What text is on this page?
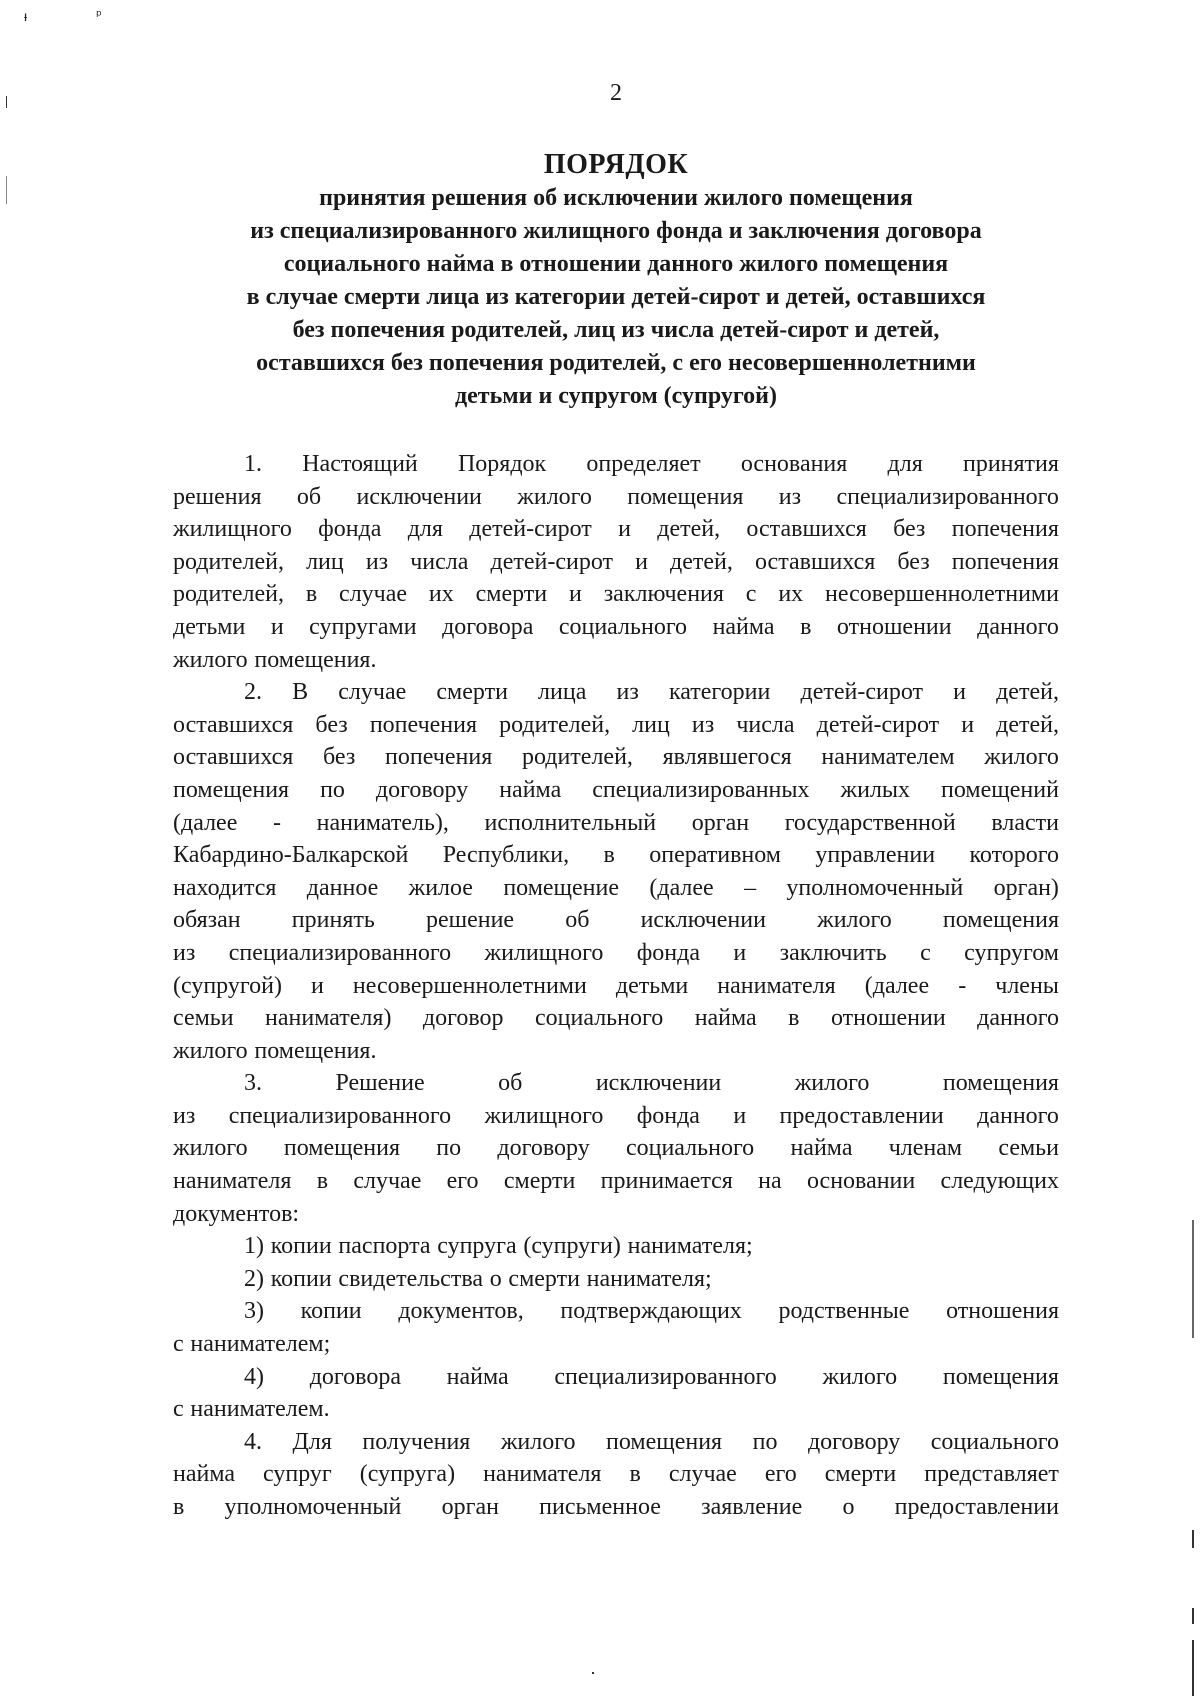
ᵼ	ᵖ
2
ПОРЯДОК
принятия решения об исключении жилого помещения
из специализированного жилищного фонда и заключения договора
социального найма в отношении данного жилого помещения
в случае смерти лица из категории детей-сирот и детей, оставшихся
без попечения родителей, лиц из числа детей-сирот и детей,
оставшихся без попечения родителей, с его несовершеннолетними
детьми и супругом (супругой)
1. Настоящий Порядок определяет основания для принятия
решения об исключении жилого помещения из специализированного
жилищного фонда для детей-сирот и детей, оставшихся без попечения
родителей, лиц из числа детей-сирот и детей, оставшихся без попечения
родителей, в случае их смерти и заключения с их несовершеннолетними
детьми и супругами договора социального найма в отношении данного
жилого помещения.
2. В случае смерти лица из категории детей-сирот и детей,
оставшихся без попечения родителей, лиц из числа детей-сирот и детей,
оставшихся без попечения родителей, являвшегося нанимателем жилого
помещения по договору найма специализированных жилых помещений
(далее - наниматель), исполнительный орган государственной власти
Кабардино-Балкарской Республики, в оперативном управлении которого
находится данное жилое помещение (далее – уполномоченный орган)
обязан принять решение об исключении жилого помещения
из специализированного жилищного фонда и заключить с супругом
(супругой) и несовершеннолетними детьми нанимателя (далее - члены
семьи нанимателя) договор социального найма в отношении данного
жилого помещения.
3.	Решение	об	исключении	жилого	помещения
из специализированного жилищного фонда и предоставлении данного
жилого помещения по договору социального найма членам семьи
нанимателя в случае его смерти принимается на основании следующих
документов:
1) копии паспорта супруга (супруги) нанимателя;
2) копии свидетельства о смерти нанимателя;
3) копии документов, подтверждающих родственные отношения
с нанимателем;
4) договора найма специализированного жилого помещения
с нанимателем.
4. Для получения жилого помещения по договору социального
найма супруг (супруга) нанимателя в случае его смерти представляет
в уполномоченный орган письменное заявление о предоставлении
